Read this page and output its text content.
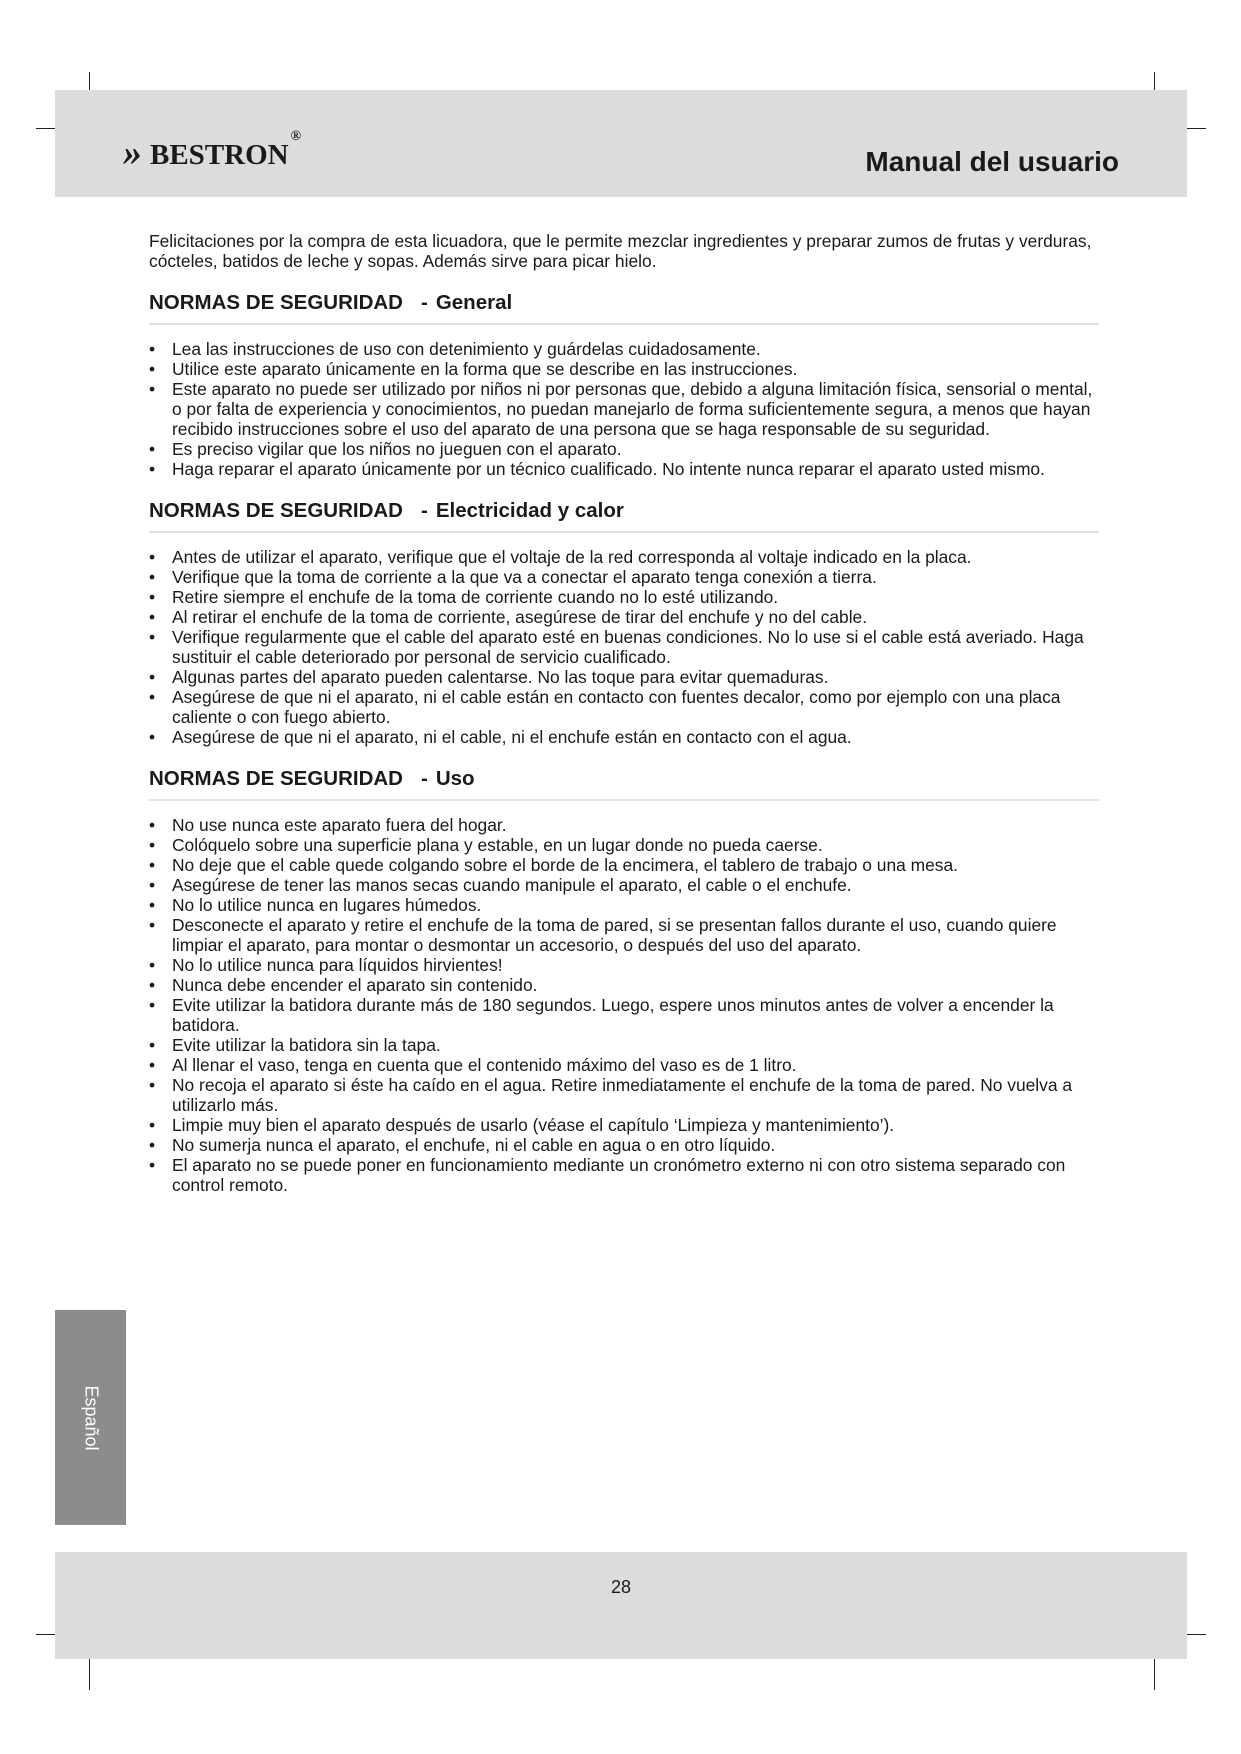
» bestron ®
Manual del usuario

Felicitaciones por la compra de esta licuadora, que le permite mezclar ingredientes y preparar zumos de frutas y verduras, cócteles, batidos de leche y sopas. Además sirve para picar hielo.

NORMAS DE SEGURIDAD - General
• Lea las instrucciones de uso con detenimiento y guárdelas cuidadosamente.
• Utilice este aparato únicamente en la forma que se describe en las instrucciones.
• Este aparato no puede ser utilizado por niños ni por personas que, debido a alguna limitación física, sensorial o mental, o por falta de experiencia y conocimientos, no puedan manejarlo de forma suficientemente segura, a menos que hayan recibido instrucciones sobre el uso del aparato de una persona que se haga responsable de su seguridad.
• Es preciso vigilar que los niños no jueguen con el aparato.
• Haga reparar el aparato únicamente por un técnico cualificado. No intente nunca reparar el aparato usted mismo.
NORMAS DE SEGURIDAD - Electricidad y calor
• Antes de utilizar el aparato, verifique que el voltaje de la red corresponda al voltaje indicado en la placa.
• Verifique que la toma de corriente a la que va a conectar el aparato tenga conexión a tierra.
• Retire siempre el enchufe de la toma de corriente cuando no lo esté utilizando.
• Al retirar el enchufe de la toma de corriente, asegúrese de tirar del enchufe y no del cable.
• Verifique regularmente que el cable del aparato esté en buenas condiciones. No lo use si el cable está averiado. Haga sustituir el cable deteriorado por personal de servicio cualificado.
• Algunas partes del aparato pueden calentarse. No las toque para evitar quemaduras.
• Asegúrese de que ni el aparato, ni el cable están en contacto con fuentes decalor, como por ejemplo con una placa caliente o con fuego abierto.
• Asegúrese de que ni el aparato, ni el cable, ni el enchufe están en contacto con el agua.
NORMAS DE SEGURIDAD - Uso
• No use nunca este aparato fuera del hogar.
• Colóquelo sobre una superficie plana y estable, en un lugar donde no pueda caerse.
• No deje que el cable quede colgando sobre el borde de la encimera, el tablero de trabajo o una mesa.
• Asegúrese de tener las manos secas cuando manipule el aparato, el cable o el enchufe.
• No lo utilice nunca en lugares húmedos.
• Desconecte el aparato y retire el enchufe de la toma de pared, si se presentan fallos durante el uso, cuando quiere limpiar el aparato, para montar o desmontar un accesorio, o después del uso del aparato.
• No lo utilice nunca para líquidos hirvientes!
• Nunca debe encender el aparato sin contenido.
• Evite utilizar la batidora durante más de 180 segundos. Luego, espere unos minutos antes de volver a encender la batidora.
• Evite utilizar la batidora sin la tapa.
• Al llenar el vaso, tenga en cuenta que el contenido máximo del vaso es de 1 litro.
• No recoja el aparato si éste ha caído en el agua. Retire inmediatamente el enchufe de la toma de pared. No vuelva a utilizarlo más.
• Limpie muy bien el aparato después de usarlo (véase el capítulo ‘Limpieza y mantenimiento’).
• No sumerja nunca el aparato, el enchufe, ni el cable en agua o en otro líquido.
• El aparato no se puede poner en funcionamiento mediante un cronómetro externo ni con otro sistema separado con control remoto.
Español
28
